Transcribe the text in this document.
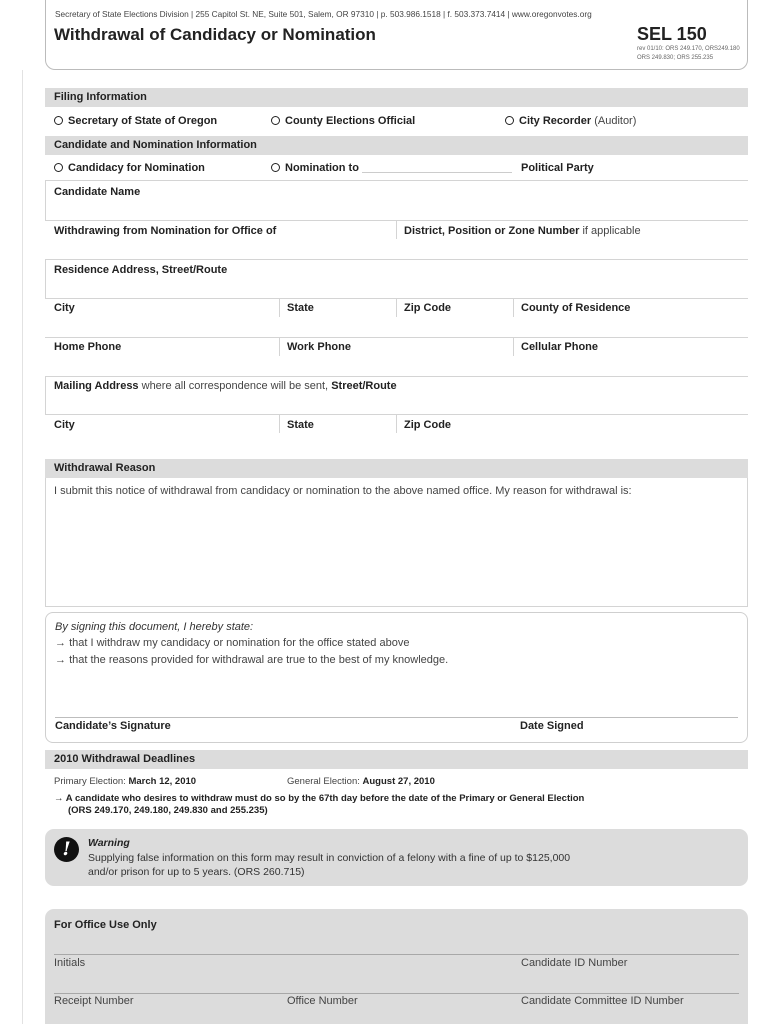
Secretary of State Elections Division | 255 Capitol St. NE, Suite 501, Salem, OR 97310 | p. 503.986.1518 | f. 503.373.7414 | www.oregonvotes.org
Withdrawal of Candidacy or Nomination	SEL 150
rev 01/10: ORS 249.170, ORS249.180
ORS 249.830; ORS 255.235
Filing Information
Secretary of State of Oregon	County Elections Official	City Recorder (Auditor)
Candidate and Nomination Information
Candidacy for Nomination	Nomination to	Political Party
Candidate Name
Withdrawing from Nomination for Office of	District, Position or Zone Number if applicable
Residence Address, Street/Route
City	State	Zip Code	County of Residence
Home Phone	Work Phone	Cellular Phone
Mailing Address where all correspondence will be sent, Street/Route
City	State	Zip Code
Withdrawal Reason
I submit this notice of withdrawal from candidacy or nomination to the above named office. My reason for withdrawal is:
By signing this document, I hereby state:
→ that I withdraw my candidacy or nomination for the office stated above
→ that the reasons provided for withdrawal are true to the best of my knowledge.
Candidate’s Signature	Date Signed
2010 Withdrawal Deadlines
Primary Election: March 12, 2010	General Election: August 27, 2010
→ A candidate who desires to withdraw must do so by the 67th day before the date of the Primary or General Election
(ORS 249.170, 249.180, 249.830 and 255.235)
!	Warning
Supplying false information on this form may result in conviction of a felony with a fine of up to $125,000
and/or prison for up to 5 years. (ORS 260.715)
For Office Use Only
Initials	Candidate ID Number
Receipt Number	Office Number	Candidate Committee ID Number
